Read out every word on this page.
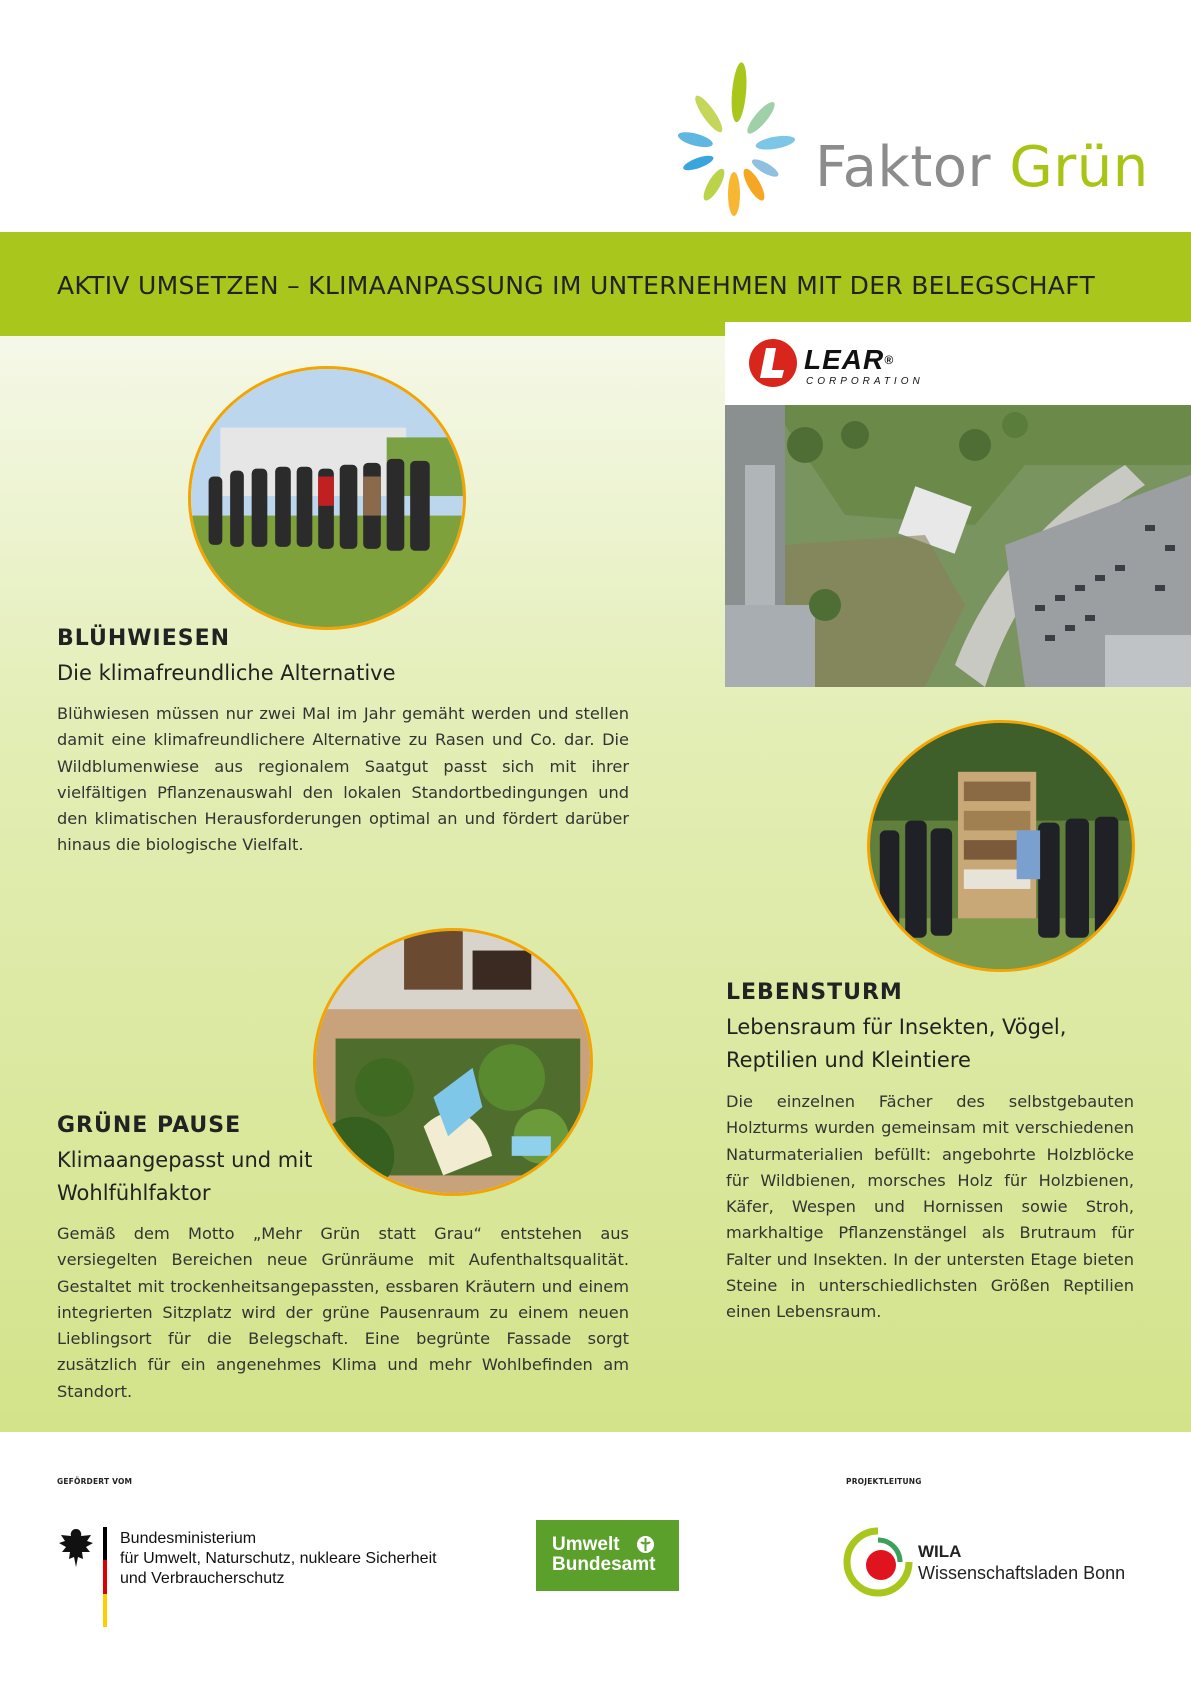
Faktor Grün
AKTIV UMSETZEN – KLIMAANPASSUNG IM UNTERNEHMEN MIT DER BELEGSCHAFT
LEAR®
CORPORATION
BLÜHWIESEN
Die klimafreundliche Alternative
Blühwiesen müssen nur zwei Mal im Jahr gemäht werden und stellen damit eine klimafreundlichere Alternative zu Rasen und Co. dar. Die Wildblumenwiese aus regionalem Saatgut passt sich mit ihrer vielfältigen Pflanzenauswahl den lokalen Standortbedingungen und den klimatischen Herausforderungen optimal an und fördert darüber hinaus die biologische Vielfalt.
LEBENSTURM
Lebensraum für Insekten, Vögel, Reptilien und Kleintiere
Die einzelnen Fächer des selbstgebauten Holzturms wurden gemeinsam mit verschiedenen Naturmaterialien befüllt: angebohrte Holzblöcke für Wildbienen, morsches Holz für Holzbienen, Käfer, Wespen und Hornissen sowie Stroh, markhaltige Pflanzenstängel als Brutraum für Falter und Insekten. In der untersten Etage bieten Steine in unterschiedlichsten Größen Reptilien einen Lebensraum.
GRÜNE PAUSE
Klimaangepasst und mit Wohlfühlfaktor
Gemäß dem Motto „Mehr Grün statt Grau“ entstehen aus versiegelten Bereichen neue Grünräume mit Aufenthaltsqualität. Gestaltet mit trockenheitsangepassten, essbaren Kräutern und einem integrierten Sitzplatz wird der grüne Pausenraum zu einem neuen Lieblingsort für die Belegschaft. Eine begrünte Fassade sorgt zusätzlich für ein angenehmes Klima und mehr Wohlbefinden am Standort.
GEFÖRDERT VOM	PROJEKTLEITUNG
Bundesministerium
für Umwelt, Naturschutz, nukleare Sicherheit
und Verbraucherschutz
Umwelt
Bundesamt
WILA
Wissenschaftsladen Bonn
